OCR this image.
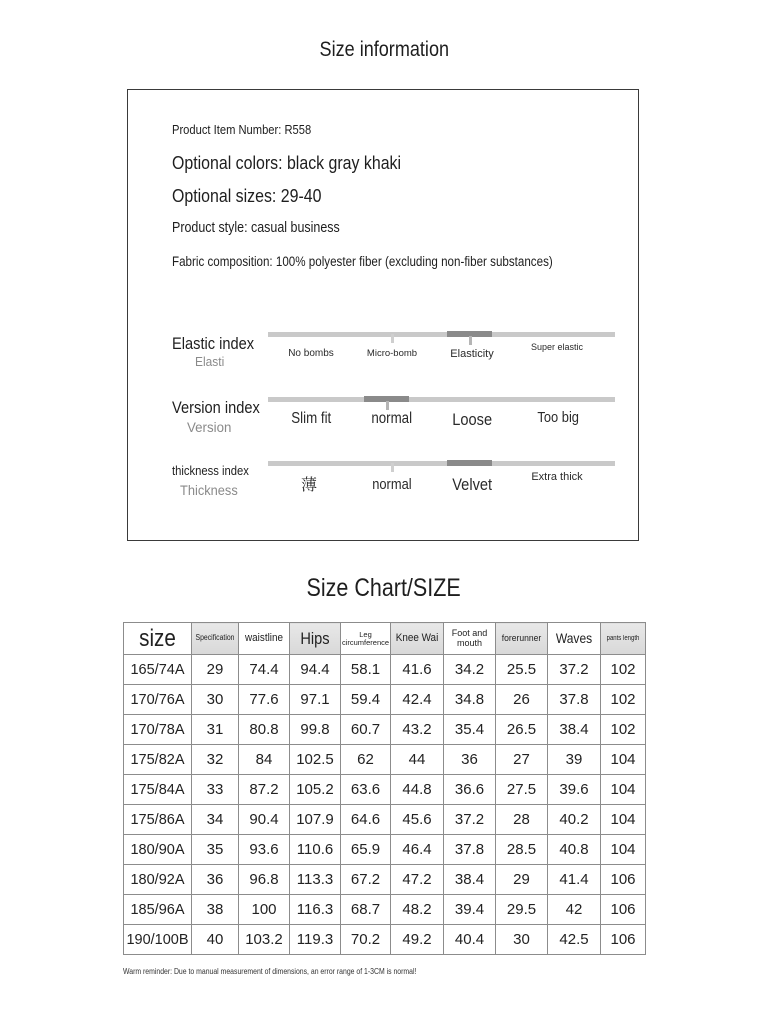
Size information
Product Item Number: R558
Optional colors: black gray khaki
Optional sizes: 29-40
Product style: casual business
Fabric composition: 100% polyester fiber (excluding non-fiber substances)
Elastic index
Elasti
No bombs	Micro-bomb	Elasticity
Super elastic
Version index
Version	Slim fit	normal	Loose	Too big
thickness index
Thickness	薄	normal	Velvet	Extra thick
Size Chart/SIZE
size	Specification	waistline	Hips	Leg circumference	Knee Wai	Foot and mouth	forerunner	Waves	pants length

165/74A	29	74.4	94.4	58.1	41.6	34.2	25.5	37.2	102
170/76A	30	77.6	97.1	59.4	42.4	34.8	26	37.8	102
170/78A	31	80.8	99.8	60.7	43.2	35.4	26.5	38.4	102
175/82A	32	84	102.5	62	44	36	27	39	104
175/84A	33	87.2	105.2	63.6	44.8	36.6	27.5	39.6	104
175/86A	34	90.4	107.9	64.6	45.6	37.2	28	40.2	104
180/90A	35	93.6	110.6	65.9	46.4	37.8	28.5	40.8	104
180/92A	36	96.8	113.3	67.2	47.2	38.4	29	41.4	106
185/96A	38	100	116.3	68.7	48.2	39.4	29.5	42	106
190/100B	40	103.2	119.3	70.2	49.2	40.4	30	42.5	106
Warm reminder: Due to manual measurement of dimensions, an error range of 1-3CM is normal!
